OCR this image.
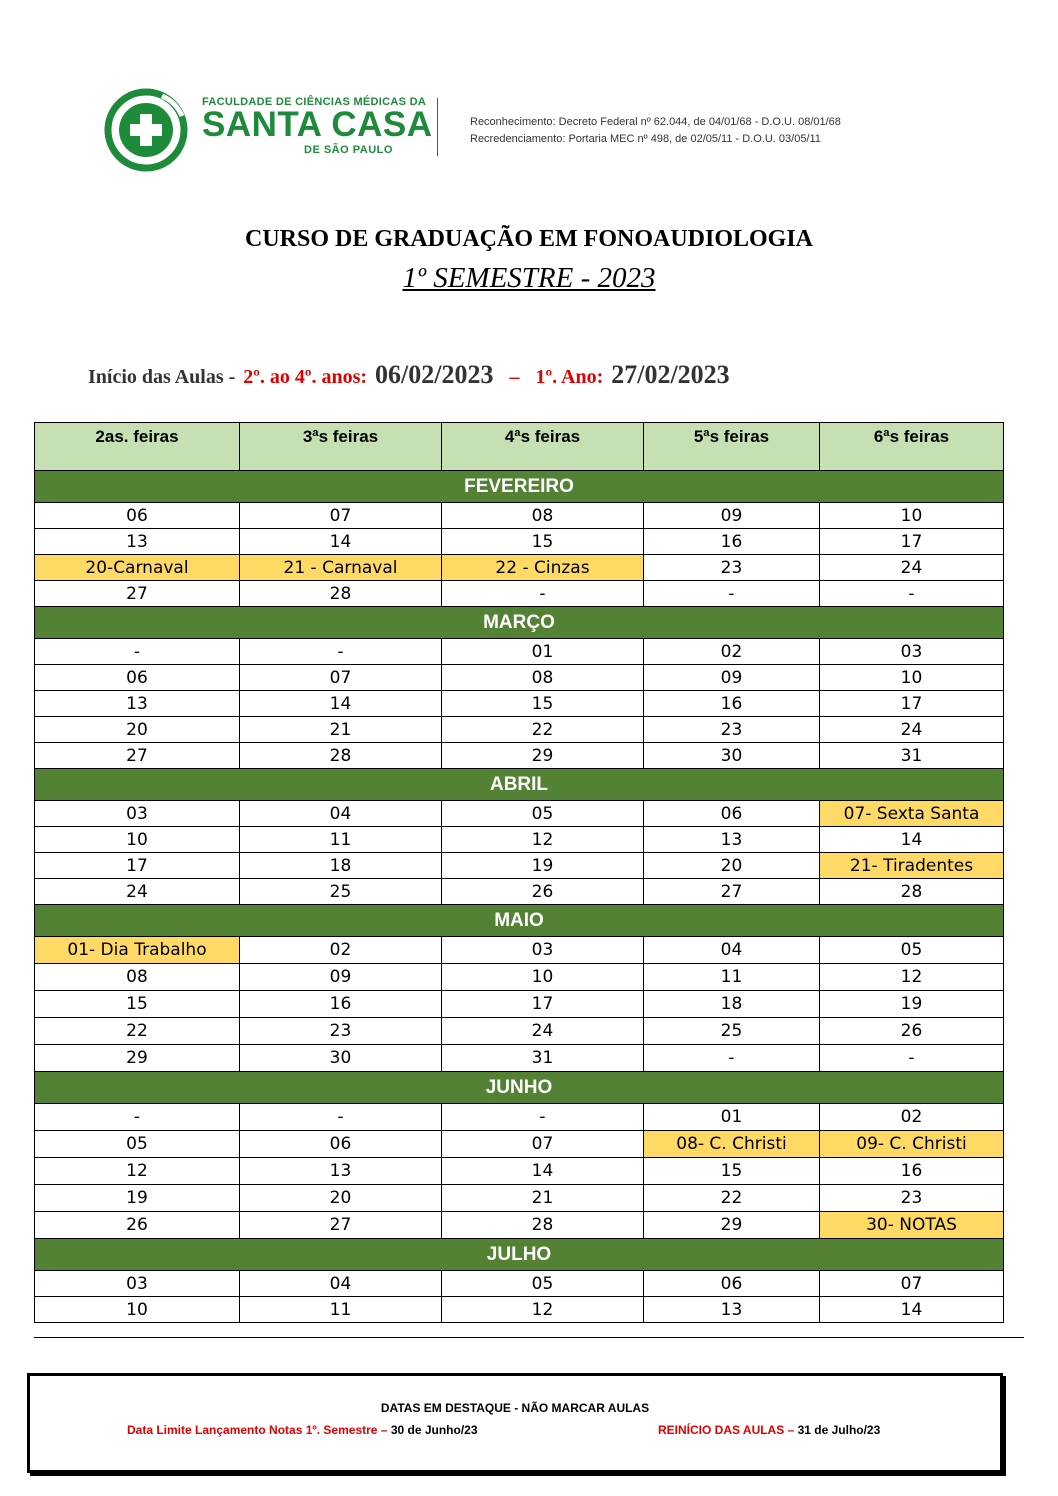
FACULDADE DE CIÊNCIAS MÉDICAS DA
SANTA CASA
DE SÃO PAULO
Reconhecimento: Decreto Federal nº 62.044, de 04/01/68 - D.O.U. 08/01/68
Recredenciamento: Portaria MEC nº 498, de 02/05/11 - D.O.U. 03/05/11
CURSO DE GRADUAÇÃO EM FONOAUDIOLOGIA
1º SEMESTRE - 2023
Início das Aulas -  2º. ao 4º. anos: 06/02/2023 – 1º. Ano: 27/02/2023
2as. feiras	3ªs feiras	4ªs feiras	5ªs feiras	6ªs feiras
FEVEREIRO				
06	07	08	09	10
13	14	15	16	17
20-Carnaval	21 - Carnaval	22 - Cinzas	23	24
27	28	-	-	-
MARÇO				
-	-	01	02	03
06	07	08	09	10
13	14	15	16	17
20	21	22	23	24
27	28	29	30	31
ABRIL				
03	04	05	06	07- Sexta Santa
10	11	12	13	14
17	18	19	20	21- Tiradentes
24	25	26	27	28
MAIO				
01- Dia Trabalho	02	03	04	05
08	09	10	11	12
15	16	17	18	19
22	23	24	25	26
29	30	31	-	-
JUNHO				
-	-	-	01	02
05	06	07	08- C. Christi	09- C. Christi
12	13	14	15	16
19	20	21	22	23
26	27	28	29	30- NOTAS
JULHO				
03	04	05	06	07
10	11	12	13	14
DATAS EM DESTAQUE - NÃO MARCAR AULAS
Data Limite Lançamento Notas 1º. Semestre – 30 de Junho/23	REINÍCIO DAS AULAS – 31 de Julho/23
